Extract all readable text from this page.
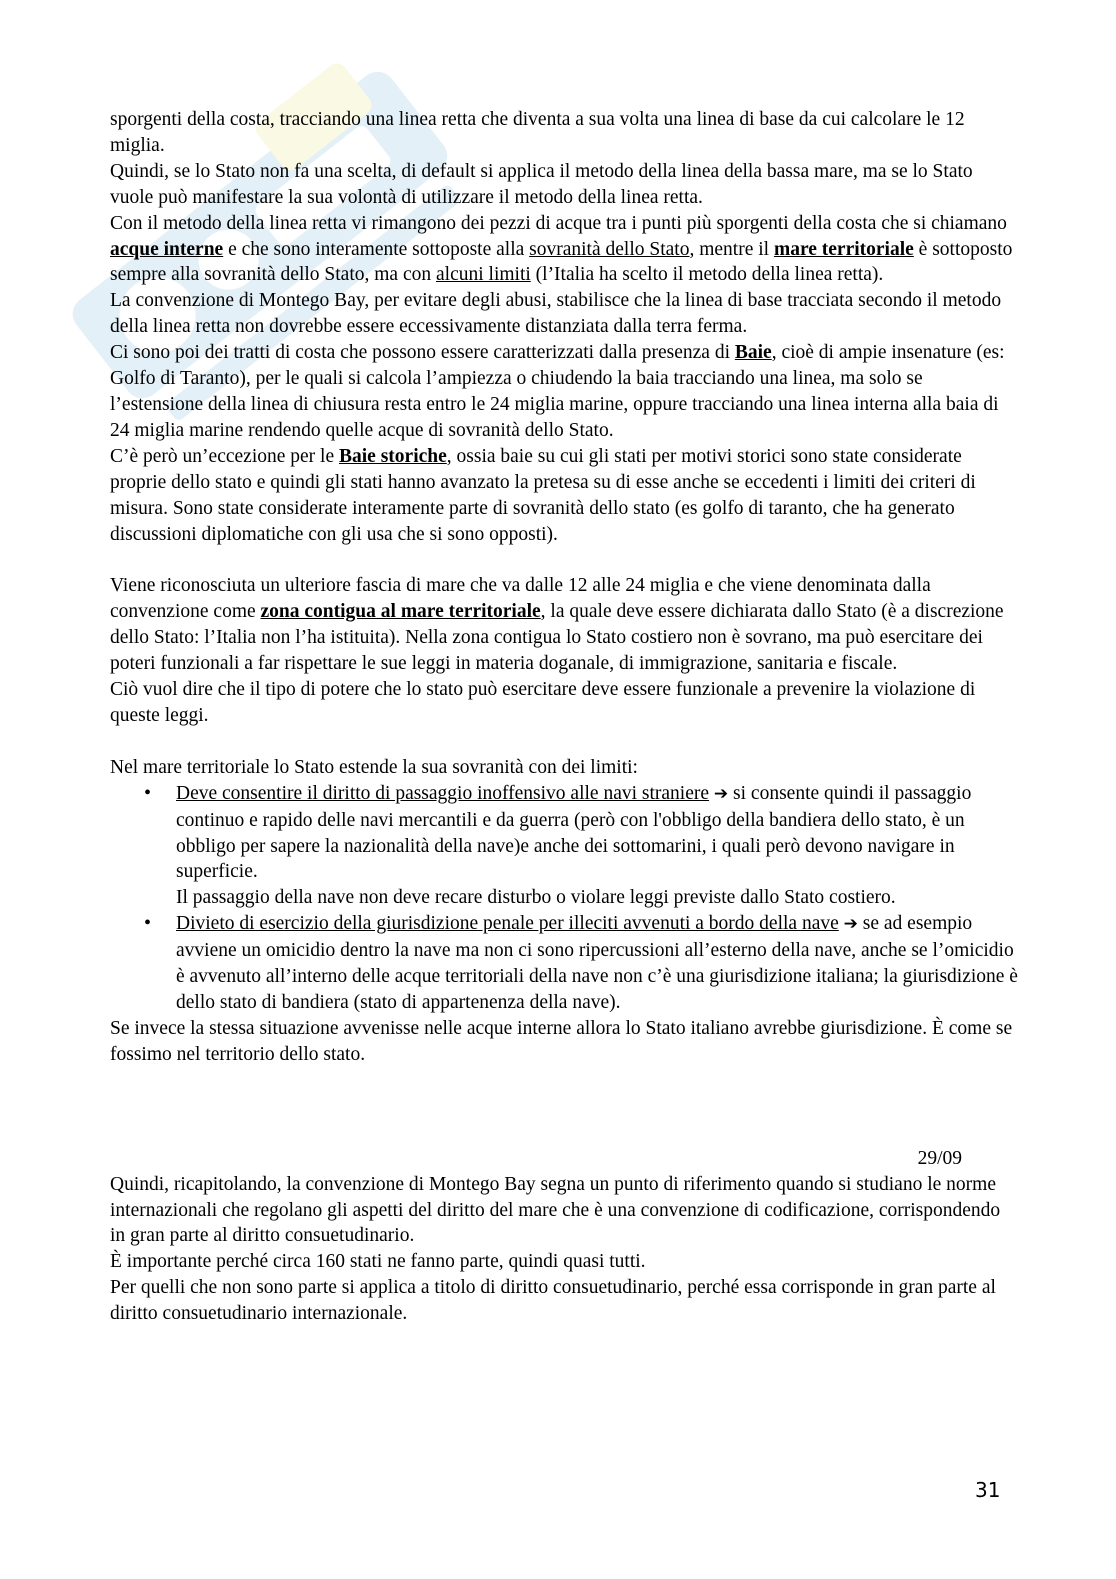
sporgenti della costa, tracciando una linea retta che diventa a sua volta una linea di base da cui calcolare le 12 miglia.

Quindi, se lo Stato non fa una scelta, di default si applica il metodo della linea della bassa mare, ma se lo Stato vuole può manifestare la sua volontà di utilizzare il metodo della linea retta.

Con il metodo della linea retta vi rimangono dei pezzi di acque tra i punti più sporgenti della costa che si chiamano acque interne e che sono interamente sottoposte alla sovranità dello Stato, mentre il mare territoriale è sottoposto sempre alla sovranità dello Stato, ma con alcuni limiti (l’Italia ha scelto il metodo della linea retta).

La convenzione di Montego Bay, per evitare degli abusi, stabilisce che la linea di base tracciata secondo il metodo della linea retta non dovrebbe essere eccessivamente distanziata dalla terra ferma.

Ci sono poi dei tratti di costa che possono essere caratterizzati dalla presenza di Baie, cioè di ampie insenature (es: Golfo di Taranto), per le quali si calcola l’ampiezza o chiudendo la baia tracciando una linea, ma solo se l’estensione della linea di chiusura resta entro le 24 miglia marine, oppure tracciando una linea interna alla baia di 24 miglia marine rendendo quelle acque di sovranità dello Stato.

C’è però un’eccezione per le Baie storiche, ossia baie su cui gli stati per motivi storici sono state considerate proprie dello stato e quindi gli stati hanno avanzato la pretesa su di esse anche se eccedenti i limiti dei criteri di misura. Sono state considerate interamente parte di sovranità dello stato (es golfo di taranto, che ha generato discussioni diplomatiche con gli usa che si sono opposti).

Viene riconosciuta un ulteriore fascia di mare che va dalle 12 alle 24 miglia e che viene denominata dalla convenzione come zona contigua al mare territoriale, la quale deve essere dichiarata dallo Stato (è a discrezione dello Stato: l’Italia non l’ha istituita). Nella zona contigua lo Stato costiero non è sovrano, ma può esercitare dei poteri funzionali a far rispettare le sue leggi in materia doganale, di immigrazione, sanitaria e fiscale.

Ciò vuol dire che il tipo di potere che lo stato può esercitare deve essere funzionale a prevenire la violazione di queste leggi.

Nel mare territoriale lo Stato estende la sua sovranità con dei limiti:

• Deve consentire il diritto di passaggio inoffensivo alle navi straniere ➔ si consente quindi il passaggio continuo e rapido delle navi mercantili e da guerra (però con l'obbligo della bandiera dello stato, è un obbligo per sapere la nazionalità della nave)e anche dei sottomarini, i quali però devono navigare in superficie.
Il passaggio della nave non deve recare disturbo o violare leggi previste dallo Stato costiero.
• Divieto di esercizio della giurisdizione penale per illeciti avvenuti a bordo della nave ➔ se ad esempio avviene un omicidio dentro la nave ma non ci sono ripercussioni all’esterno della nave, anche se l’omicidio è avvenuto all’interno delle acque territoriali della nave non c’è una giurisdizione italiana; la giurisdizione è dello stato di bandiera (stato di appartenenza della nave).

Se invece la stessa situazione avvenisse nelle acque interne allora lo Stato italiano avrebbe giurisdizione. È come se fossimo nel territorio dello stato.

29/09

Quindi, ricapitolando, la convenzione di Montego Bay segna un punto di riferimento quando si studiano le norme internazionali che regolano gli aspetti del diritto del mare che è una convenzione di codificazione, corrispondendo in gran parte al diritto consuetudinario.

È importante perché circa 160 stati ne fanno parte, quindi quasi tutti.

Per quelli che non sono parte si applica a titolo di diritto consuetudinario, perché essa corrisponde in gran parte al diritto consuetudinario internazionale.

31
